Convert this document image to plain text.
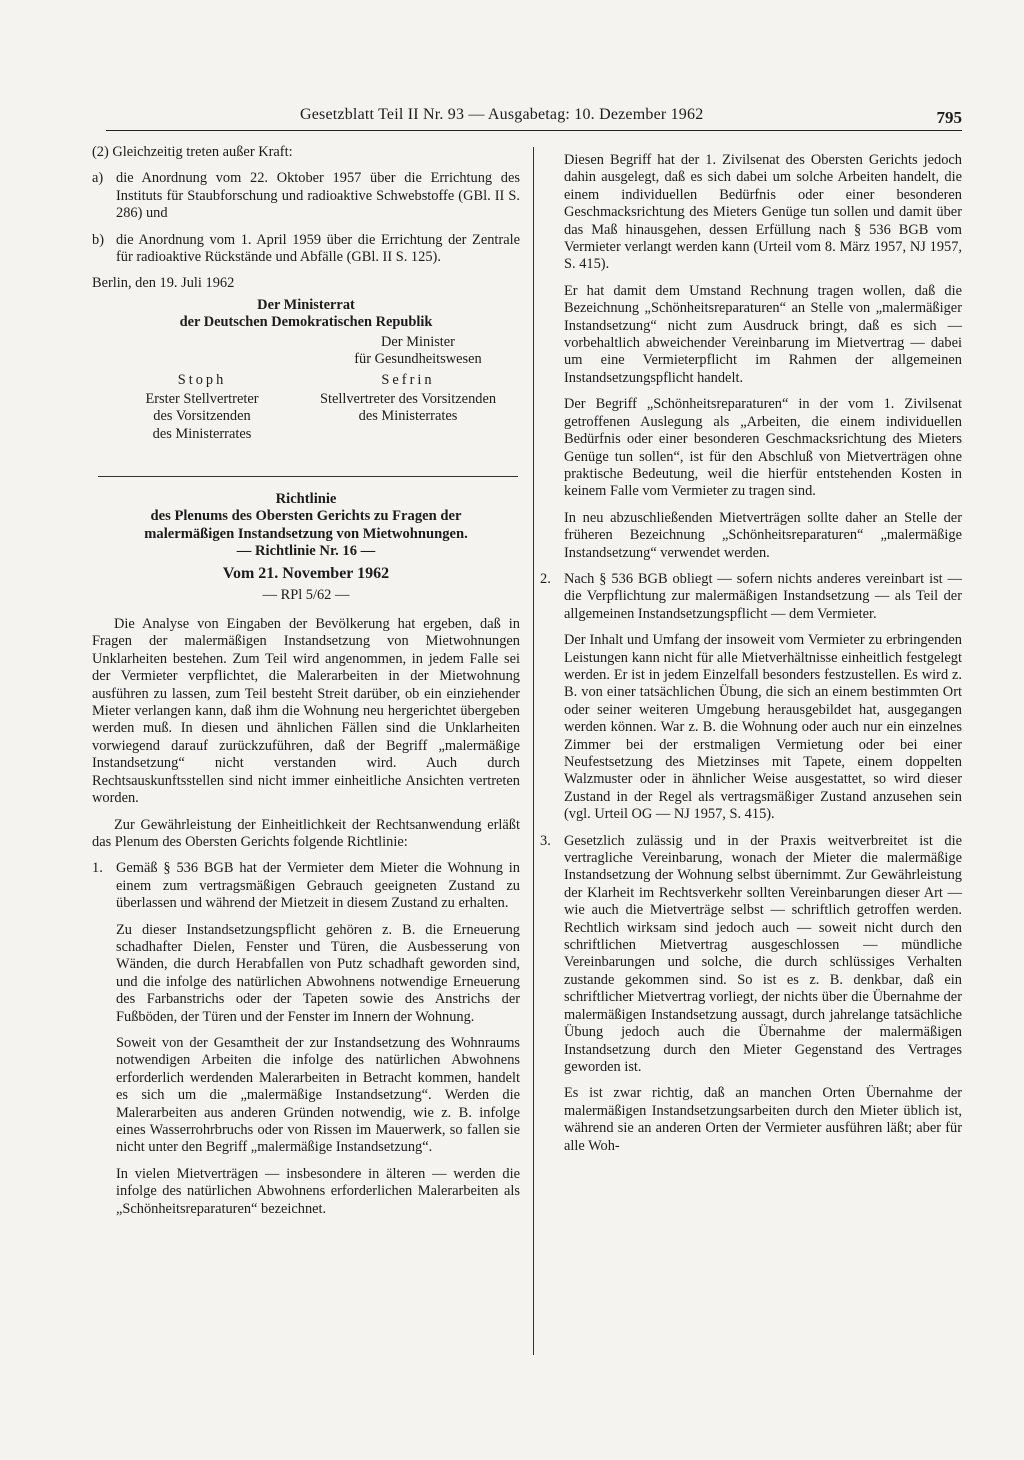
Gesetzblatt Teil II Nr. 93 — Ausgabetag: 10. Dezember 1962	795

(2) Gleichzeitig treten außer Kraft:

a) die Anordnung vom 22. Oktober 1957 über die Errichtung des Instituts für Staubforschung und radioaktive Schwebstoffe (GBl. II S. 286) und
b) die Anordnung vom 1. April 1959 über die Errichtung der Zentrale für radioaktive Rückstände und Abfälle (GBl. II S. 125).

Berlin, den 19. Juli 1962

Der Ministerrat
der Deutschen Demokratischen Republik
Der Minister
für Gesundheitswesen
Stoph
Erster Stellvertreter
des Vorsitzenden
des Ministerrates
Sefrin
Stellvertreter des Vorsitzenden
des Ministerrates
Richtlinie
des Plenums des Obersten Gerichts zu Fragen der
malermäßigen Instandsetzung von Mietwohnungen.
— Richtlinie Nr. 16 —
Vom 21. November 1962
— RPl 5/62 —

Die Analyse von Eingaben der Bevölkerung hat ergeben, daß in Fragen der malermäßigen Instandsetzung von Mietwohnungen Unklarheiten bestehen. Zum Teil wird angenommen, in jedem Falle sei der Vermieter verpflichtet, die Malerarbeiten in der Mietwohnung ausführen zu lassen, zum Teil besteht Streit darüber, ob ein einziehender Mieter verlangen kann, daß ihm die Wohnung neu hergerichtet übergeben werden muß. In diesen und ähnlichen Fällen sind die Unklarheiten vorwiegend darauf zurückzuführen, daß der Begriff „malermäßige Instandsetzung“ nicht verstanden wird. Auch durch Rechtsauskunftsstellen sind nicht immer einheitliche Ansichten vertreten worden.

Zur Gewährleistung der Einheitlichkeit der Rechtsanwendung erläßt das Plenum des Obersten Gerichts folgende Richtlinie:

1. Gemäß § 536 BGB hat der Vermieter dem Mieter die Wohnung in einem zum vertragsmäßigen Gebrauch geeigneten Zustand zu überlassen und während der Mietzeit in diesem Zustand zu erhalten.

Zu dieser Instandsetzungspflicht gehören z. B. die Erneuerung schadhafter Dielen, Fenster und Türen, die Ausbesserung von Wänden, die durch Herabfallen von Putz schadhaft geworden sind, und die infolge des natürlichen Abwohnens notwendige Erneuerung des Farbanstrichs oder der Tapeten sowie des Anstrichs der Fußböden, der Türen und der Fenster im Innern der Wohnung.

Soweit von der Gesamtheit der zur Instandsetzung des Wohnraums notwendigen Arbeiten die infolge des natürlichen Abwohnens erforderlich werdenden Malerarbeiten in Betracht kommen, handelt es sich um die „malermäßige Instandsetzung“. Werden die Malerarbeiten aus anderen Gründen notwendig, wie z. B. infolge eines Wasserrohrbruchs oder von Rissen im Mauerwerk, so fallen sie nicht unter den Begriff „malermäßige Instandsetzung“.

In vielen Mietverträgen — insbesondere in älteren — werden die infolge des natürlichen Abwohnens erforderlichen Malerarbeiten als „Schönheitsreparaturen“ bezeichnet.

Diesen Begriff hat der 1. Zivilsenat des Obersten Gerichts jedoch dahin ausgelegt, daß es sich dabei um solche Arbeiten handelt, die einem individuellen Bedürfnis oder einer besonderen Geschmacksrichtung des Mieters Genüge tun sollen und damit über das Maß hinausgehen, dessen Erfüllung nach § 536 BGB vom Vermieter verlangt werden kann (Urteil vom 8. März 1957, NJ 1957, S. 415).

Er hat damit dem Umstand Rechnung tragen wollen, daß die Bezeichnung „Schönheitsreparaturen“ an Stelle von „malermäßiger Instandsetzung“ nicht zum Ausdruck bringt, daß es sich — vorbehaltlich abweichender Vereinbarung im Mietvertrag — dabei um eine Vermieterpflicht im Rahmen der allgemeinen Instandsetzungspflicht handelt.

Der Begriff „Schönheitsreparaturen“ in der vom 1. Zivilsenat getroffenen Auslegung als „Arbeiten, die einem individuellen Bedürfnis oder einer besonderen Geschmacksrichtung des Mieters Genüge tun sollen“, ist für den Abschluß von Mietverträgen ohne praktische Bedeutung, weil die hierfür entstehenden Kosten in keinem Falle vom Vermieter zu tragen sind.

In neu abzuschließenden Mietverträgen sollte daher an Stelle der früheren Bezeichnung „Schönheitsreparaturen“ „malermäßige Instandsetzung“ verwendet werden.

2. Nach § 536 BGB obliegt — sofern nichts anderes vereinbart ist — die Verpflichtung zur malermäßigen Instandsetzung — als Teil der allgemeinen Instandsetzungspflicht — dem Vermieter.

Der Inhalt und Umfang der insoweit vom Vermieter zu erbringenden Leistungen kann nicht für alle Mietverhältnisse einheitlich festgelegt werden. Er ist in jedem Einzelfall besonders festzustellen. Es wird z. B. von einer tatsächlichen Übung, die sich an einem bestimmten Ort oder seiner weiteren Umgebung herausgebildet hat, ausgegangen werden können. War z. B. die Wohnung oder auch nur ein einzelnes Zimmer bei der erstmaligen Vermietung oder bei einer Neufestsetzung des Mietzinses mit Tapete, einem doppelten Walzmuster oder in ähnlicher Weise ausgestattet, so wird dieser Zustand in der Regel als vertragsmäßiger Zustand anzusehen sein (vgl. Urteil OG — NJ 1957, S. 415).

3. Gesetzlich zulässig und in der Praxis weitverbreitet ist die vertragliche Vereinbarung, wonach der Mieter die malermäßige Instandsetzung der Wohnung selbst übernimmt. Zur Gewährleistung der Klarheit im Rechtsverkehr sollten Vereinbarungen dieser Art — wie auch die Mietverträge selbst — schriftlich getroffen werden. Rechtlich wirksam sind jedoch auch — soweit nicht durch den schriftlichen Mietvertrag ausgeschlossen — mündliche Vereinbarungen und solche, die durch schlüssiges Verhalten zustande gekommen sind. So ist es z. B. denkbar, daß ein schriftlicher Mietvertrag vorliegt, der nichts über die Übernahme der malermäßigen Instandsetzung aussagt, durch jahrelange tatsächliche Übung jedoch auch die Übernahme der malermäßigen Instandsetzung durch den Mieter Gegenstand des Vertrages geworden ist.

Es ist zwar richtig, daß an manchen Orten Übernahme der malermäßigen Instandsetzungsarbeiten durch den Mieter üblich ist, während sie an anderen Orten der Vermieter ausführen läßt; aber für alle Woh-
